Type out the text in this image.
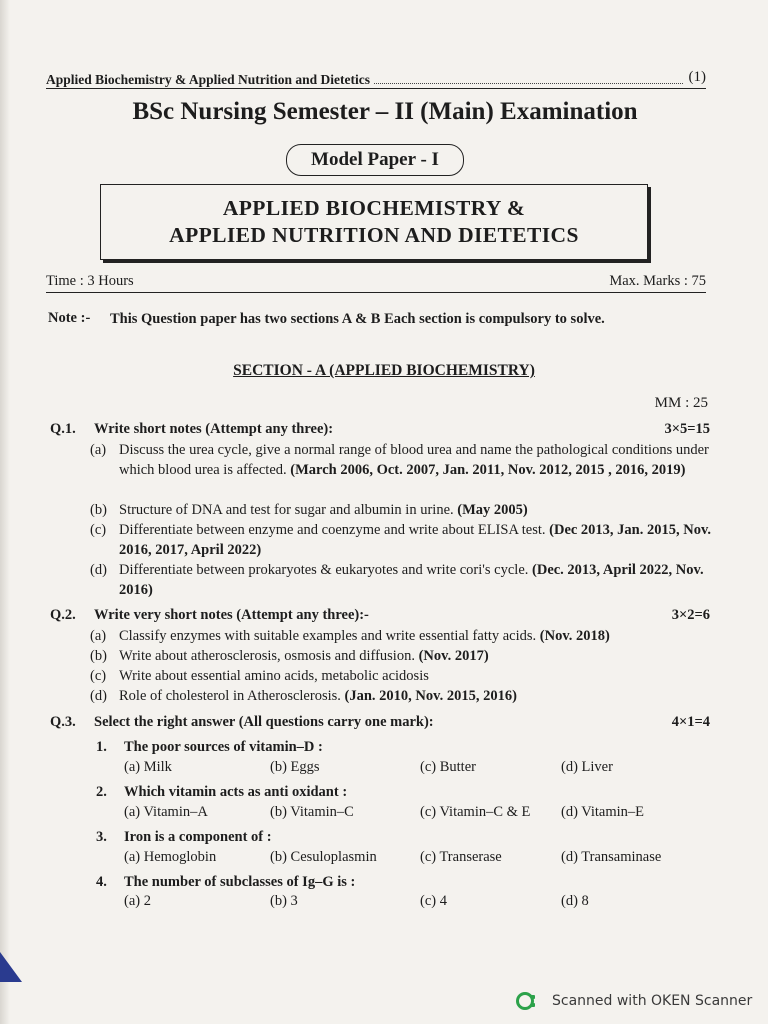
Applied Biochemistry & Applied Nutrition and Dietetics	(1)
BSc Nursing Semester – II (Main) Examination
Model Paper - I
APPLIED BIOCHEMISTRY &
APPLIED NUTRITION AND DIETETICS
Time : 3 Hours	Max. Marks : 75
Note :- This Question paper has two sections A & B Each section is compulsory to solve.
SECTION - A (APPLIED BIOCHEMISTRY)
MM : 25
Q.1. Write short notes (Attempt any three):	3×5=15
(a) Discuss the urea cycle, give a normal range of blood urea and name the pathological conditions under which blood urea is affected. (March 2006, Oct. 2007, Jan. 2011, Nov. 2012, 2015 , 2016, 2019)
(b) Structure of DNA and test for sugar and albumin in urine. (May 2005)
(c) Differentiate between enzyme and coenzyme and write about ELISA test. (Dec 2013, Jan. 2015, Nov. 2016, 2017, April 2022)
(d) Differentiate between prokaryotes & eukaryotes and write cori's cycle. (Dec. 2013, April 2022, Nov. 2016)
Q.2. Write very short notes (Attempt any three):-	3×2=6
(a) Classify enzymes with suitable examples and write essential fatty acids. (Nov. 2018)
(b) Write about atherosclerosis, osmosis and diffusion. (Nov. 2017)
(c) Write about essential amino acids, metabolic acidosis
(d) Role of cholesterol in Atherosclerosis. (Jan. 2010, Nov. 2015, 2016)
Q.3. Select the right answer (All questions carry one mark):	4×1=4
1. The poor sources of vitamin–D :
(a) Milk	(b) Eggs	(c) Butter	(d) Liver
2. Which vitamin acts as anti oxidant :
(a) Vitamin–A	(b) Vitamin–C	(c) Vitamin–C & E (d) Vitamin–E
3. Iron is a component of :
(a) Hemoglobin	(b) Cesuloplasmin	(c) Transerase	(d) Transaminase
4. The number of subclasses of Ig–G is :
(a) 2	(b) 3	(c) 4	(d) 8
Scanned with OKEN Scanner
